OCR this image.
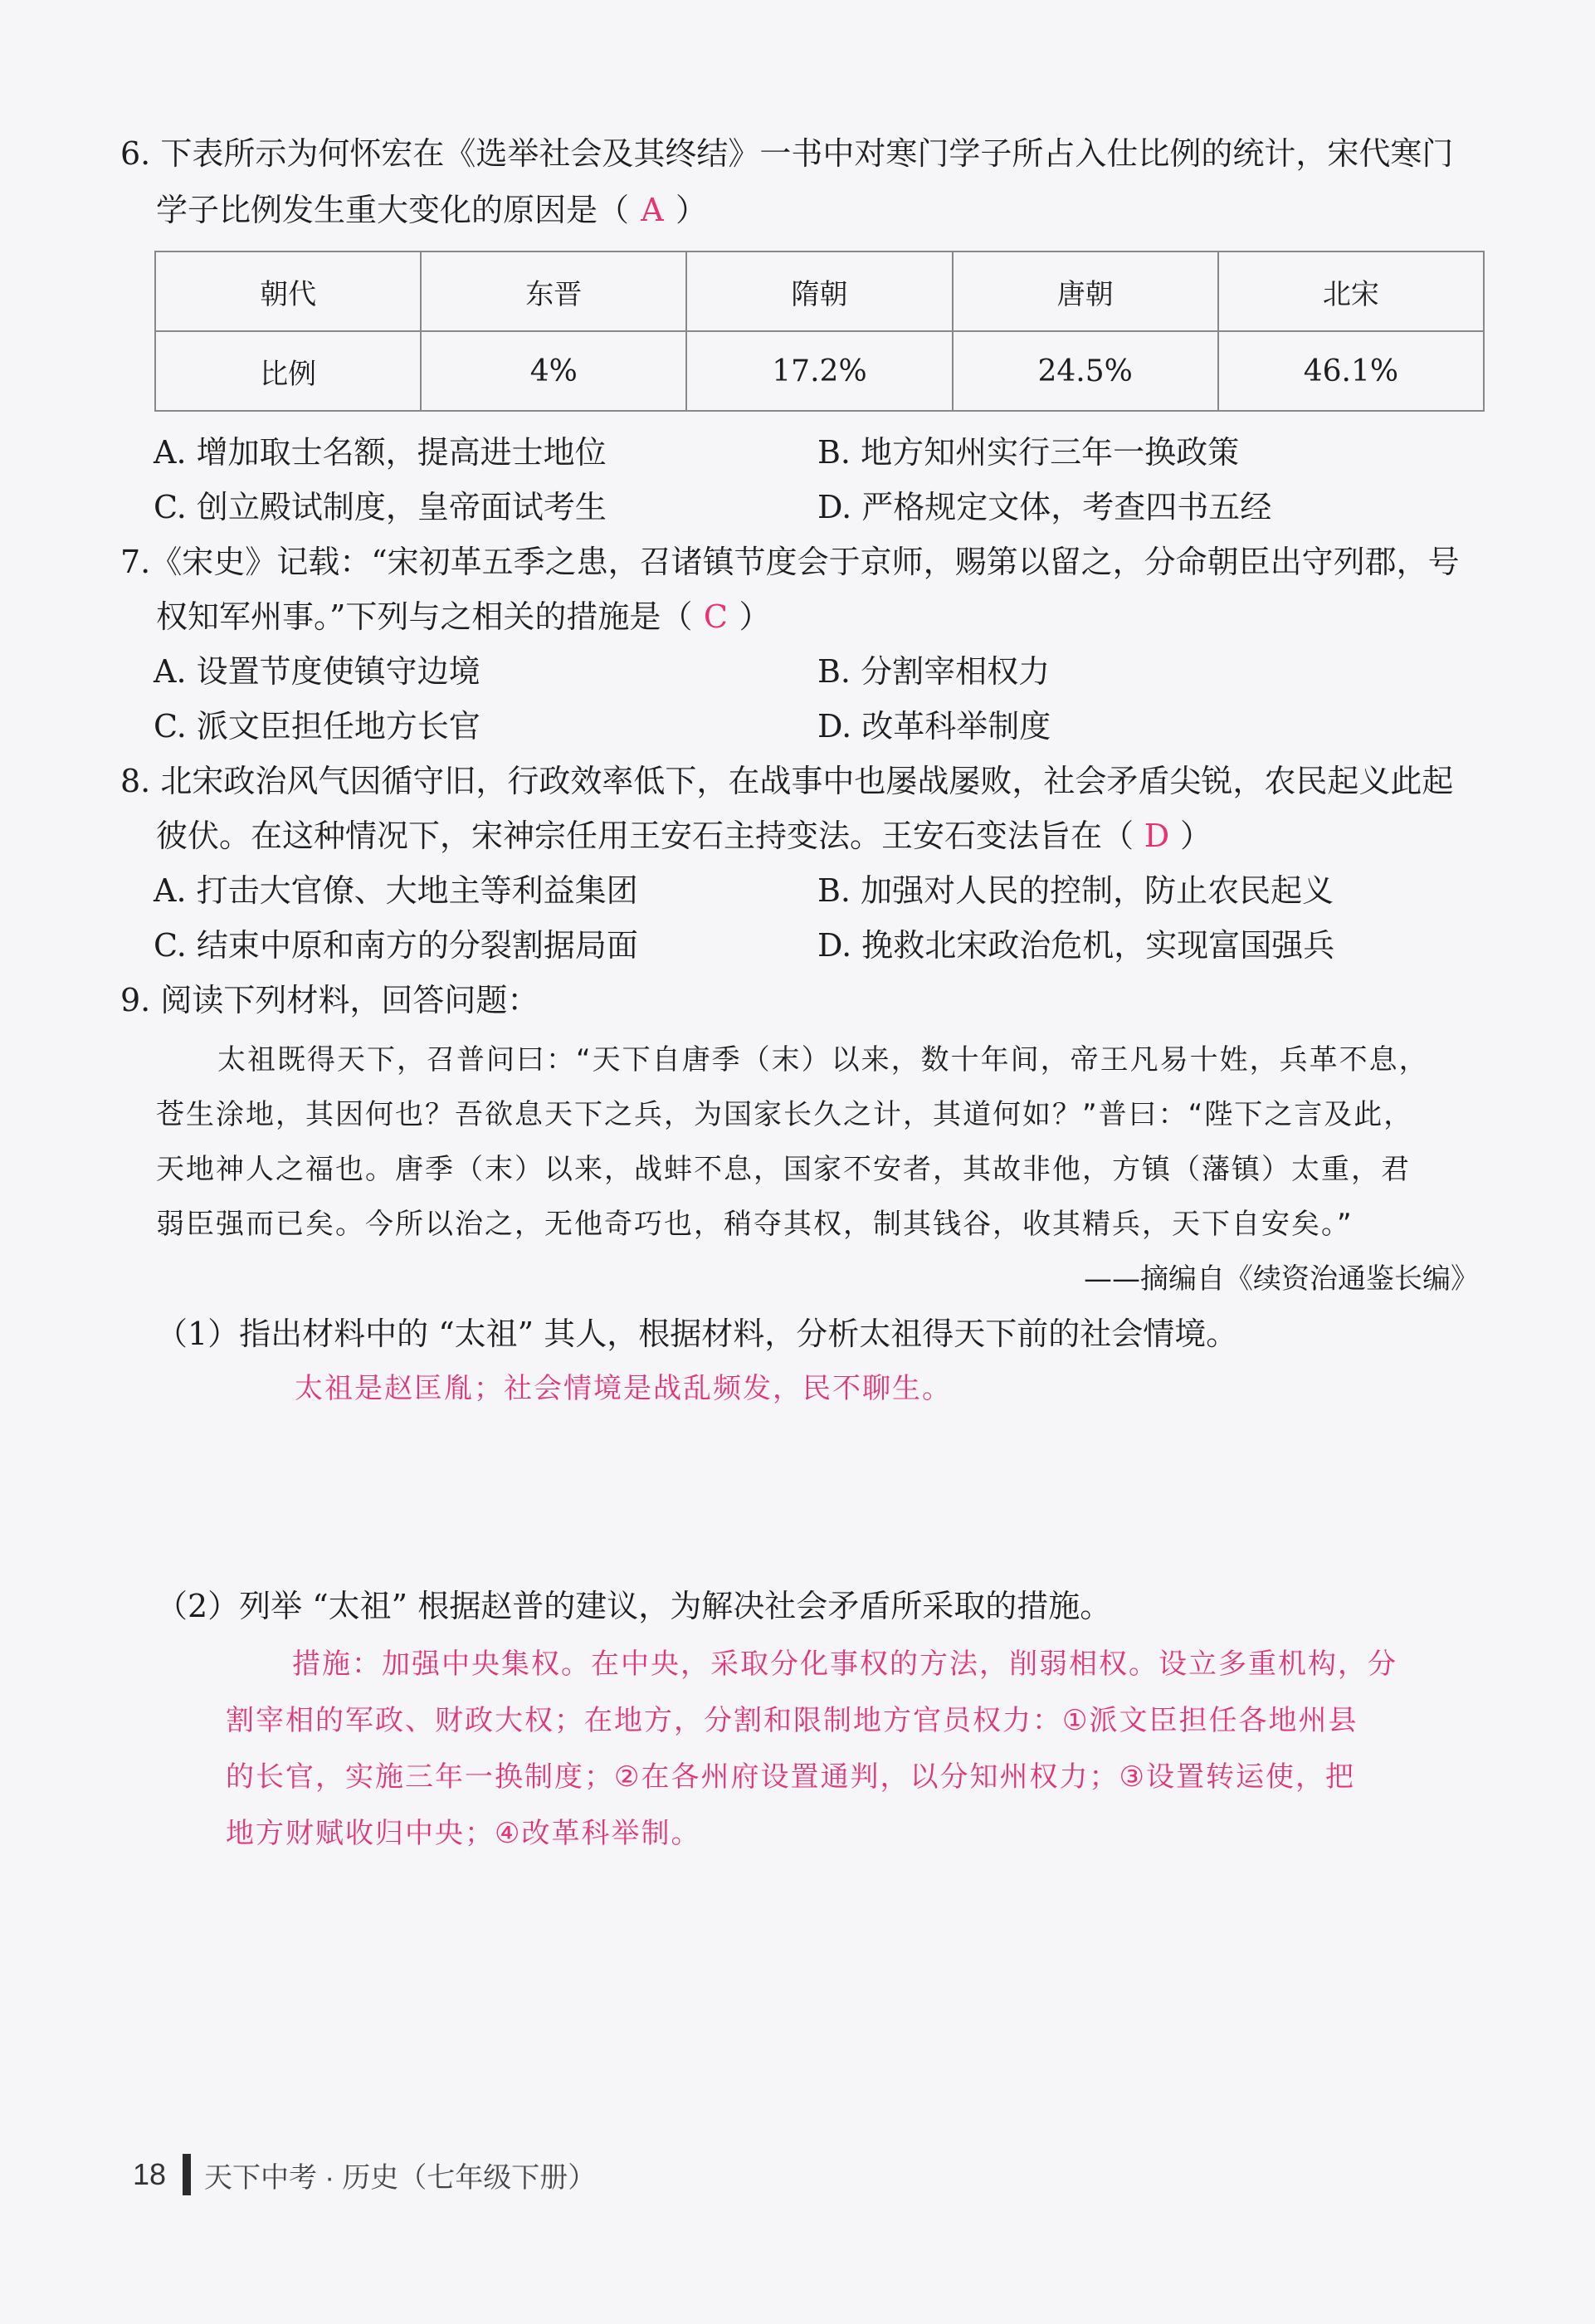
6. 下表所示为何怀宏在《选举社会及其终结》一书中对寒门学子所占入仕比例的统计，宋代寒门
学子比例发生重大变化的原因是（ A ）
朝代	东晋	隋朝	唐朝	北宋
比例	4%	17.2%	24.5%	46.1%
A. 增加取士名额，提高进士地位	B. 地方知州实行三年一换政策
C. 创立殿试制度，皇帝面试考生	D. 严格规定文体，考查四书五经
7.《宋史》记载：“宋初革五季之患，召诸镇节度会于京师，赐第以留之，分命朝臣出守列郡，号
权知军州事。”下列与之相关的措施是（ C ）
A. 设置节度使镇守边境	B. 分割宰相权力
C. 派文臣担任地方长官	D. 改革科举制度
8. 北宋政治风气因循守旧，行政效率低下，在战事中也屡战屡败，社会矛盾尖锐，农民起义此起
彼伏。在这种情况下，宋神宗任用王安石主持变法。王安石变法旨在（ D ）
A. 打击大官僚、大地主等利益集团	B. 加强对人民的控制，防止农民起义
C. 结束中原和南方的分裂割据局面	D. 挽救北宋政治危机，实现富国强兵
9. 阅读下列材料，回答问题：
太祖既得天下，召普问曰：“天下自唐季（末）以来，数十年间，帝王凡易十姓，兵革不息，
苍生涂地，其因何也？吾欲息天下之兵，为国家长久之计，其道何如？”普曰：“陛下之言及此，
天地神人之福也。唐季（末）以来，战蚌不息，国家不安者，其故非他，方镇（藩镇）太重，君
弱臣强而已矣。今所以治之，无他奇巧也，稍夺其权，制其钱谷，收其精兵，天下自安矣。”
——摘编自《续资治通鉴长编》
（1）指出材料中的 “太祖” 其人，根据材料，分析太祖得天下前的社会情境。
太祖是赵匡胤；社会情境是战乱频发，民不聊生。
（2）列举 “太祖” 根据赵普的建议，为解决社会矛盾所采取的措施。
措施：加强中央集权。在中央，采取分化事权的方法，削弱相权。设立多重机构，分
割宰相的军政、财政大权；在地方，分割和限制地方官员权力：①派文臣担任各地州县
的长官，实施三年一换制度；②在各州府设置通判，以分知州权力；③设置转运使，把
地方财赋收归中央；④改革科举制。
18 天下中考 · 历史（七年级下册）
